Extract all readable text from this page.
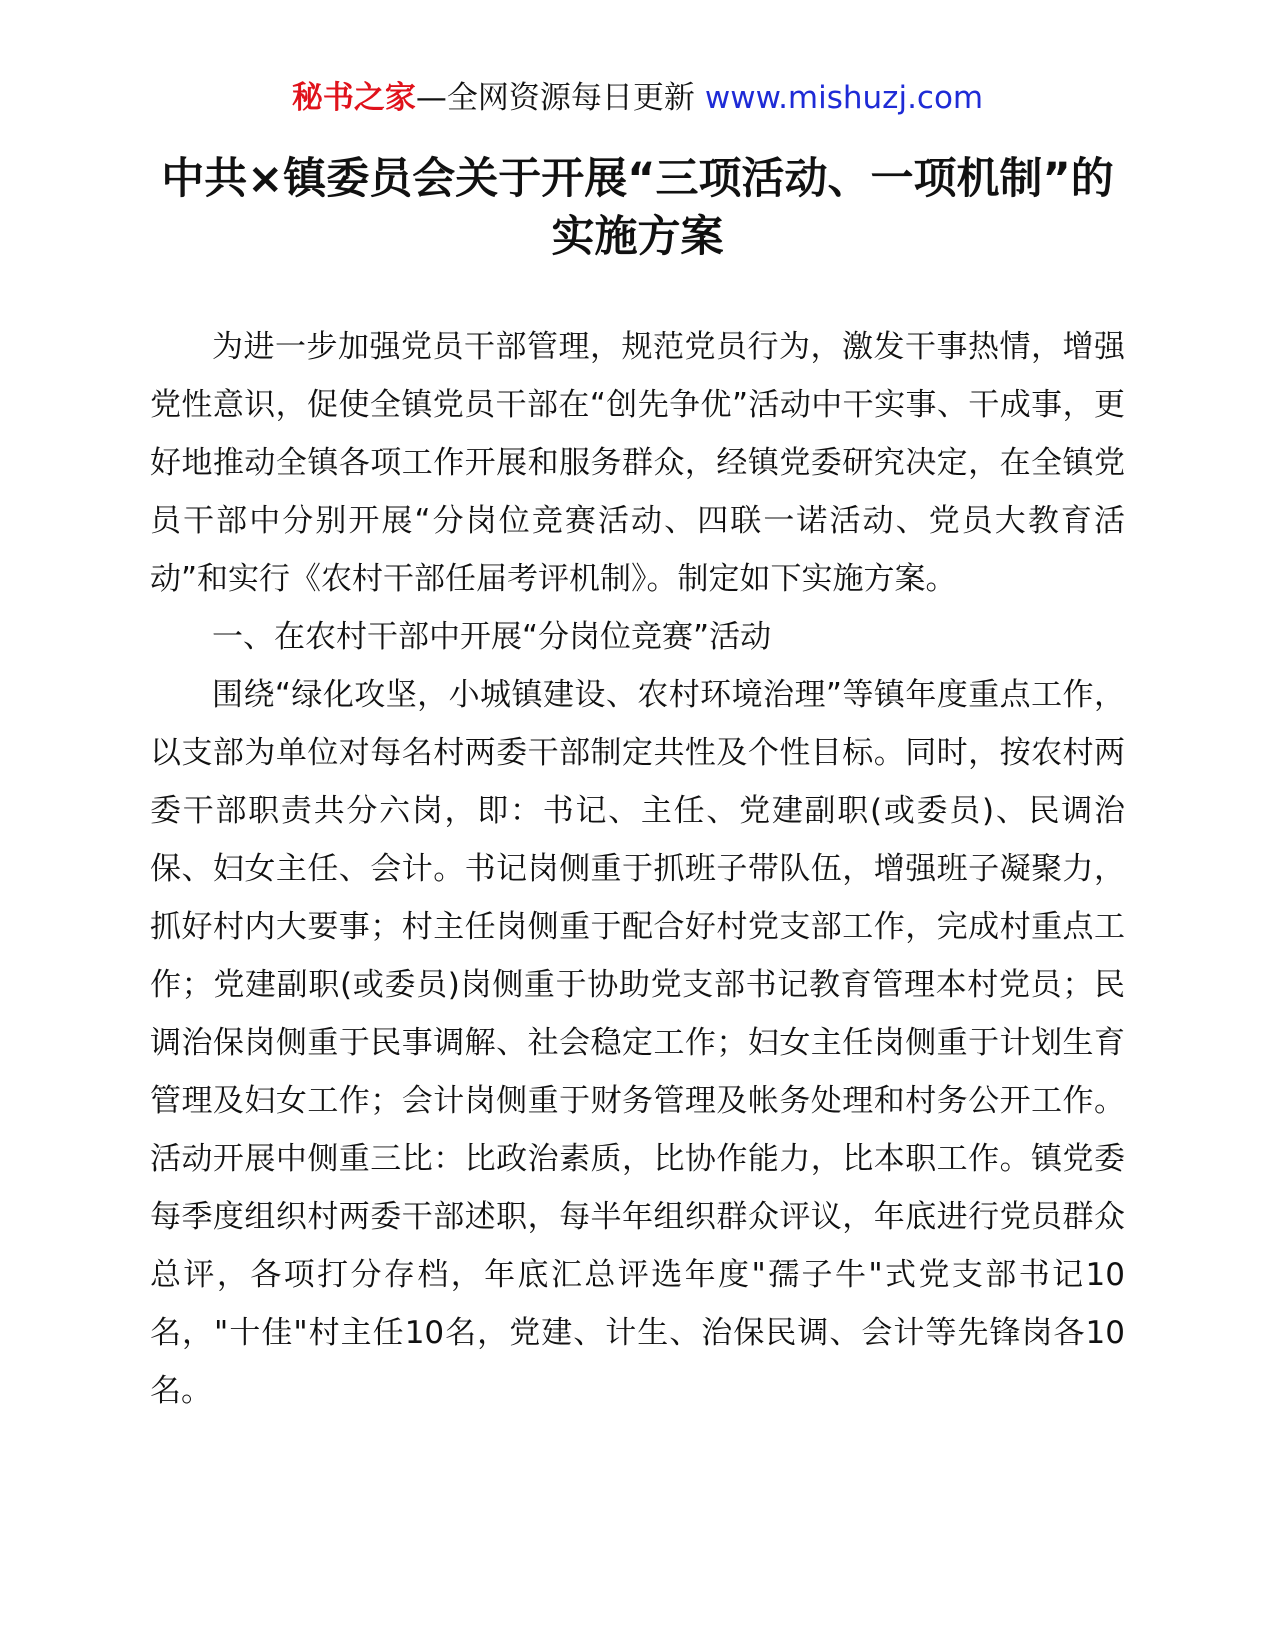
秘书之家—全网资源每日更新 www.mishuzj.com
中共×镇委员会关于开展“三项活动、一项机制”的实施方案

为进一步加强党员干部管理，规范党员行为，激发干事热情，增强党性意识，促使全镇党员干部在“创先争优”活动中干实事、干成事，更好地推动全镇各项工作开展和服务群众，经镇党委研究决定，在全镇党员干部中分别开展“分岗位竞赛活动、四联一诺活动、党员大教育活动”和实行《农村干部任届考评机制》。制定如下实施方案。

一、在农村干部中开展“分岗位竞赛”活动

围绕“绿化攻坚，小城镇建设、农村环境治理”等镇年度重点工作，以支部为单位对每名村两委干部制定共性及个性目标。同时，按农村两委干部职责共分六岗，即：书记、主任、党建副职(或委员)、民调治保、妇女主任、会计。书记岗侧重于抓班子带队伍，增强班子凝聚力，抓好村内大要事；村主任岗侧重于配合好村党支部工作，完成村重点工作；党建副职(或委员)岗侧重于协助党支部书记教育管理本村党员；民调治保岗侧重于民事调解、社会稳定工作；妇女主任岗侧重于计划生育管理及妇女工作；会计岗侧重于财务管理及帐务处理和村务公开工作。活动开展中侧重三比：比政治素质，比协作能力，比本职工作。镇党委每季度组织村两委干部述职，每半年组织群众评议，年底进行党员群众总评，各项打分存档，年底汇总评选年度"孺子牛"式党支部书记10名，"十佳"村主任10名，党建、计生、治保民调、会计等先锋岗各10名。
